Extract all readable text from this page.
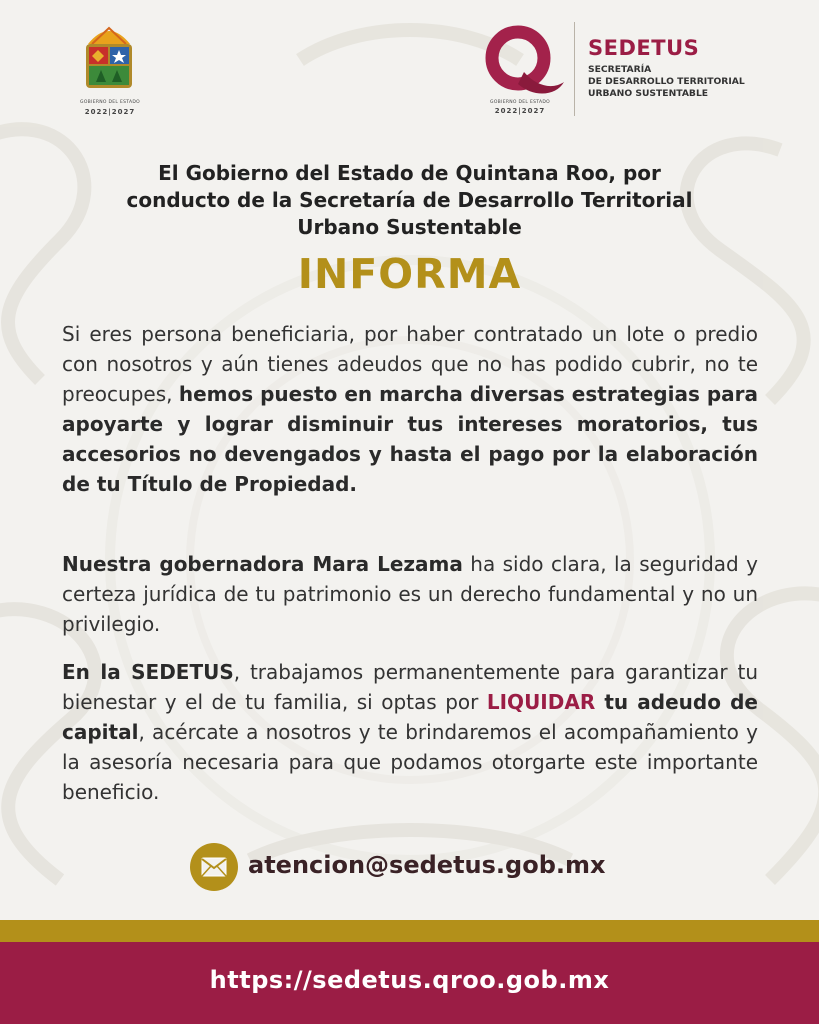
GOBIERNO DEL ESTADO
2022|2027
GOBIERNO DEL ESTADO
2022|2027
SEDETUS
SECRETARÍA
DE DESARROLLO TERRITORIAL
URBANO SUSTENTABLE
El Gobierno del Estado de Quintana Roo, por
conducto de la Secretaría de Desarrollo Territorial
Urbano Sustentable
INFORMA
Si eres persona beneficiaria, por haber contratado un lote o predio con nosotros y aún tienes adeudos que no has podido cubrir, no te preocupes, hemos puesto en marcha diversas estrategias para apoyarte y lograr disminuir tus intereses moratorios, tus accesorios no devengados y hasta el pago por la elaboración de tu Título de Propiedad.
Nuestra gobernadora Mara Lezama ha sido clara, la seguridad y certeza jurídica de tu patrimonio es un derecho fundamental y no un privilegio.
En la SEDETUS, trabajamos permanentemente para garantizar tu bienestar y el de tu familia, si optas por LIQUIDAR tu adeudo de capital, acércate a nosotros y te brindaremos el acompañamiento y la asesoría necesaria para que podamos otorgarte este importante beneficio.
atencion@sedetus.gob.mx
https://sedetus.qroo.gob.mx
